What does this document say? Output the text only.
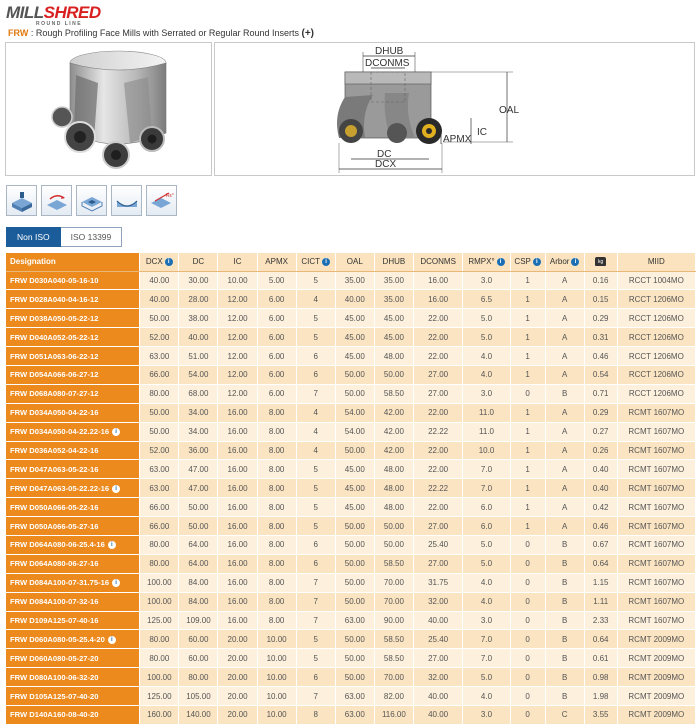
MILLSHRED
ROUND LINE
FRW : Rough Profiling Face Mills with Serrated or Regular Round Inserts (+)
DHUB
DCONMS
OAL
IC
APMX
DC
DCX
Rε°
Non ISO	ISO 13399
Designation	DCX i	DC	IC	APMX	CICT i	OAL	DHUB	DCONMS	RMPX° i	CSP i	Arbor i	kg	MIID
FRW D030A040-05-16-10	40.00	30.00	10.00	5.00	5	35.00	35.00	16.00	3.0	1	A	0.16	RCCT 1004MO
FRW D028A040-04-16-12	40.00	28.00	12.00	6.00	4	40.00	35.00	16.00	6.5	1	A	0.15	RCCT 1206MO
FRW D038A050-05-22-12	50.00	38.00	12.00	6.00	5	45.00	45.00	22.00	5.0	1	A	0.29	RCCT 1206MO
FRW D040A052-05-22-12	52.00	40.00	12.00	6.00	5	45.00	45.00	22.00	5.0	1	A	0.31	RCCT 1206MO
FRW D051A063-06-22-12	63.00	51.00	12.00	6.00	6	45.00	48.00	22.00	4.0	1	A	0.46	RCCT 1206MO
FRW D054A066-06-27-12	66.00	54.00	12.00	6.00	6	50.00	50.00	27.00	4.0	1	A	0.54	RCCT 1206MO
FRW D068A080-07-27-12	80.00	68.00	12.00	6.00	7	50.00	58.50	27.00	3.0	0	B	0.71	RCCT 1206MO
FRW D034A050-04-22-16	50.00	34.00	16.00	8.00	4	54.00	42.00	22.00	11.0	1	A	0.29	RCMT 1607MO
FRW D034A050-04-22.22-16 i	50.00	34.00	16.00	8.00	4	54.00	42.00	22.22	11.0	1	A	0.27	RCMT 1607MO
FRW D036A052-04-22-16	52.00	36.00	16.00	8.00	4	50.00	42.00	22.00	10.0	1	A	0.26	RCMT 1607MO
FRW D047A063-05-22-16	63.00	47.00	16.00	8.00	5	45.00	48.00	22.00	7.0	1	A	0.40	RCMT 1607MO
FRW D047A063-05-22.22-16 i	63.00	47.00	16.00	8.00	5	45.00	48.00	22.22	7.0	1	A	0.40	RCMT 1607MO
FRW D050A066-05-22-16	66.00	50.00	16.00	8.00	5	45.00	48.00	22.00	6.0	1	A	0.42	RCMT 1607MO
FRW D050A066-05-27-16	66.00	50.00	16.00	8.00	5	50.00	50.00	27.00	6.0	1	A	0.46	RCMT 1607MO
FRW D064A080-06-25.4-16 i	80.00	64.00	16.00	8.00	6	50.00	50.00	25.40	5.0	0	B	0.67	RCMT 1607MO
FRW D064A080-06-27-16	80.00	64.00	16.00	8.00	6	50.00	58.50	27.00	5.0	0	B	0.64	RCMT 1607MO
FRW D084A100-07-31.75-16 i	100.00	84.00	16.00	8.00	7	50.00	70.00	31.75	4.0	0	B	1.15	RCMT 1607MO
FRW D084A100-07-32-16	100.00	84.00	16.00	8.00	7	50.00	70.00	32.00	4.0	0	B	1.11	RCMT 1607MO
FRW D109A125-07-40-16	125.00	109.00	16.00	8.00	7	63.00	90.00	40.00	3.0	0	B	2.33	RCMT 1607MO
FRW D060A080-05-25.4-20 i	80.00	60.00	20.00	10.00	5	50.00	58.50	25.40	7.0	0	B	0.64	RCMT 2009MO
FRW D060A080-05-27-20	80.00	60.00	20.00	10.00	5	50.00	58.50	27.00	7.0	0	B	0.61	RCMT 2009MO
FRW D080A100-06-32-20	100.00	80.00	20.00	10.00	6	50.00	70.00	32.00	5.0	0	B	0.98	RCMT 2009MO
FRW D105A125-07-40-20	125.00	105.00	20.00	10.00	7	63.00	82.00	40.00	4.0	0	B	1.98	RCMT 2009MO
FRW D140A160-08-40-20	160.00	140.00	20.00	10.00	8	63.00	116.00	40.00	3.0	0	C	3.55	RCMT 2009MO
